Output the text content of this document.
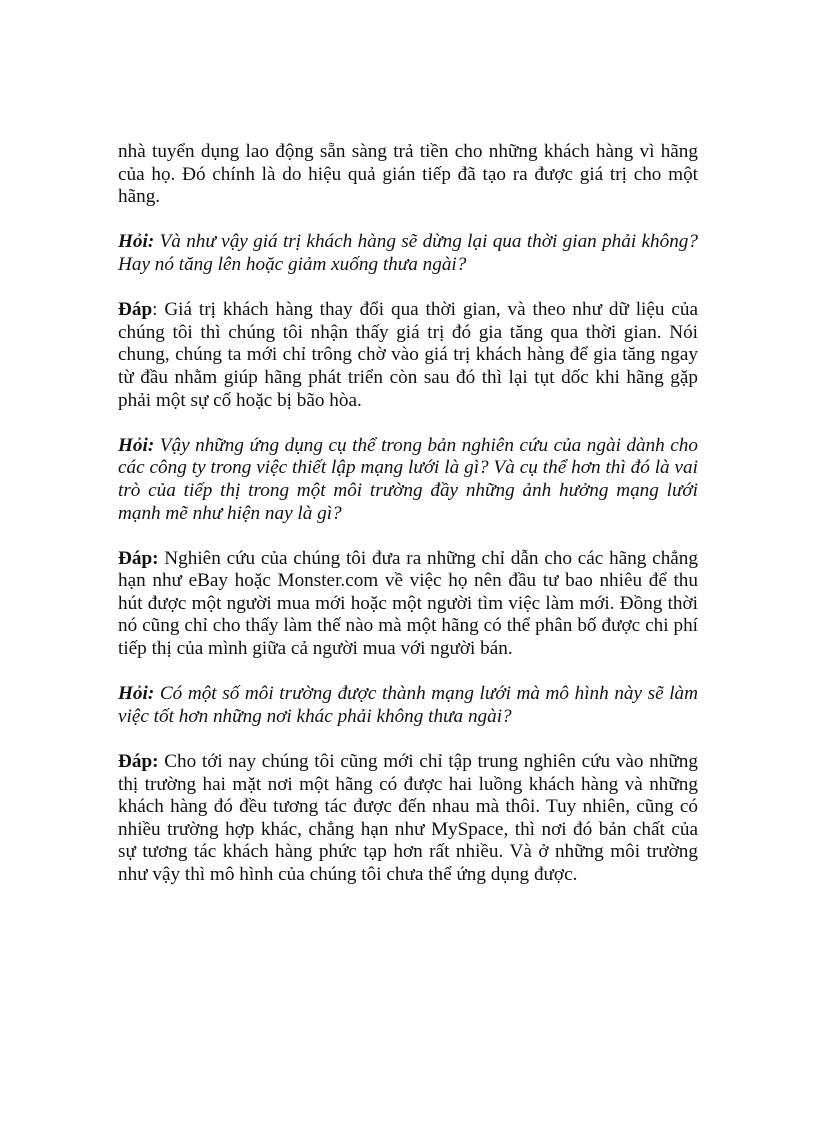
nhà tuyển dụng lao động sẵn sàng trả tiền cho những khách hàng vì hãng của họ. Đó chính là do hiệu quả gián tiếp đã tạo ra được giá trị cho một hãng.

Hỏi: Và như vậy giá trị khách hàng sẽ dừng lại qua thời gian phải không? Hay nó tăng lên hoặc giảm xuống thưa ngài?

Đáp: Giá trị khách hàng thay đổi qua thời gian, và theo như dữ liệu của chúng tôi thì chúng tôi nhận thấy giá trị đó gia tăng qua thời gian. Nói chung, chúng ta mới chỉ trông chờ vào giá trị khách hàng để gia tăng ngay từ đầu nhằm giúp hãng phát triển còn sau đó thì lại tụt dốc khi hãng gặp phải một sự cố hoặc bị bão hòa.

Hỏi: Vậy những ứng dụng cụ thể trong bản nghiên cứu của ngài dành cho các công ty trong việc thiết lập mạng lưới là gì? Và cụ thể hơn thì đó là vai trò của tiếp thị trong một môi trường đầy những ảnh hưởng mạng lưới mạnh mẽ như hiện nay là gì?

Đáp: Nghiên cứu của chúng tôi đưa ra những chỉ dẫn cho các hãng chẳng hạn như eBay hoặc Monster.com về việc họ nên đầu tư bao nhiêu để thu hút được một người mua mới hoặc một người tìm việc làm mới. Đồng thời nó cũng chỉ cho thấy làm thế nào mà một hãng có thể phân bố được chi phí tiếp thị của mình giữa cả người mua với người bán.

Hỏi: Có một số môi trường được thành mạng lưới mà mô hình này sẽ làm việc tốt hơn những nơi khác phải không thưa ngài?

Đáp: Cho tới nay chúng tôi cũng mới chỉ tập trung nghiên cứu vào những thị trường hai mặt nơi một hãng có được hai luồng khách hàng và những khách hàng đó đều tương tác được đến nhau mà thôi. Tuy nhiên, cũng có nhiều trường hợp khác, chẳng hạn như MySpace, thì nơi đó bản chất của sự tương tác khách hàng phức tạp hơn rất nhiều. Và ở những môi trường như vậy thì mô hình của chúng tôi chưa thể ứng dụng được.
